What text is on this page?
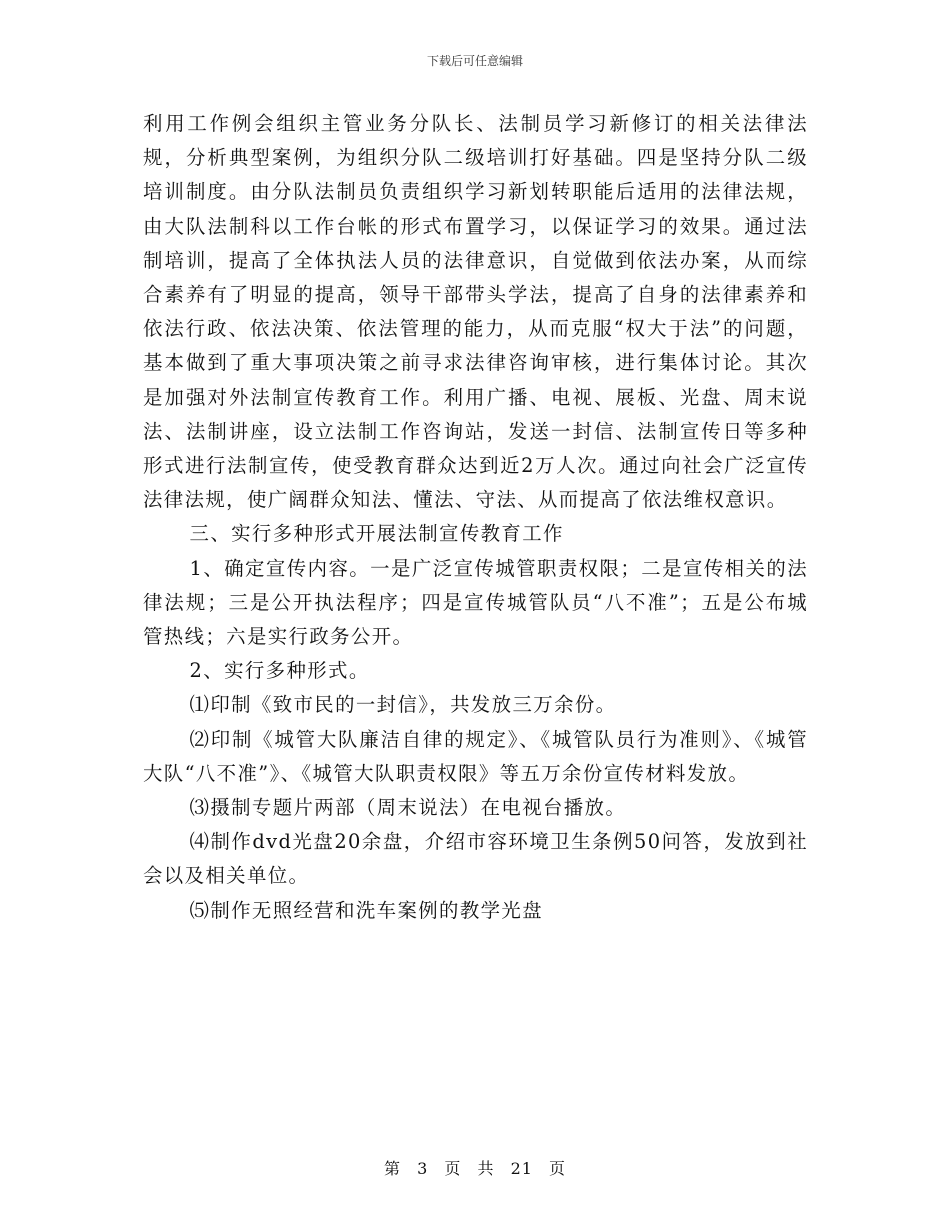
下载后可任意编辑

利用工作例会组织主管业务分队长、法制员学习新修订的相关法律法规，分析典型案例，为组织分队二级培训打好基础。四是坚持分队二级培训制度。由分队法制员负责组织学习新划转职能后适用的法律法规，由大队法制科以工作台帐的形式布置学习，以保证学习的效果。通过法制培训，提高了全体执法人员的法律意识，自觉做到依法办案，从而综合素养有了明显的提高，领导干部带头学法，提高了自身的法律素养和依法行政、依法决策、依法管理的能力，从而克服“权大于法”的问题，基本做到了重大事项决策之前寻求法律咨询审核，进行集体讨论。其次是加强对外法制宣传教育工作。利用广播、电视、展板、光盘、周末说法、法制讲座，设立法制工作咨询站，发送一封信、法制宣传日等多种形式进行法制宣传，使受教育群众达到近2万人次。通过向社会广泛宣传法律法规，使广阔群众知法、懂法、守法、从而提高了依法维权意识。

三、实行多种形式开展法制宣传教育工作

1、确定宣传内容。一是广泛宣传城管职责权限；二是宣传相关的法律法规；三是公开执法程序；四是宣传城管队员“八不准”；五是公布城管热线；六是实行政务公开。

2、实行多种形式。

⑴印制《致市民的一封信》，共发放三万余份。

⑵印制《城管大队廉洁自律的规定》、《城管队员行为准则》、《城管大队“八不准”》、《城管大队职责权限》等五万余份宣传材料发放。

⑶摄制专题片两部（周末说法）在电视台播放。

⑷制作dvd光盘20余盘，介绍市容环境卫生条例50问答，发放到社会以及相关单位。

⑸制作无照经营和洗车案例的教学光盘

第 3 页 共 21 页
